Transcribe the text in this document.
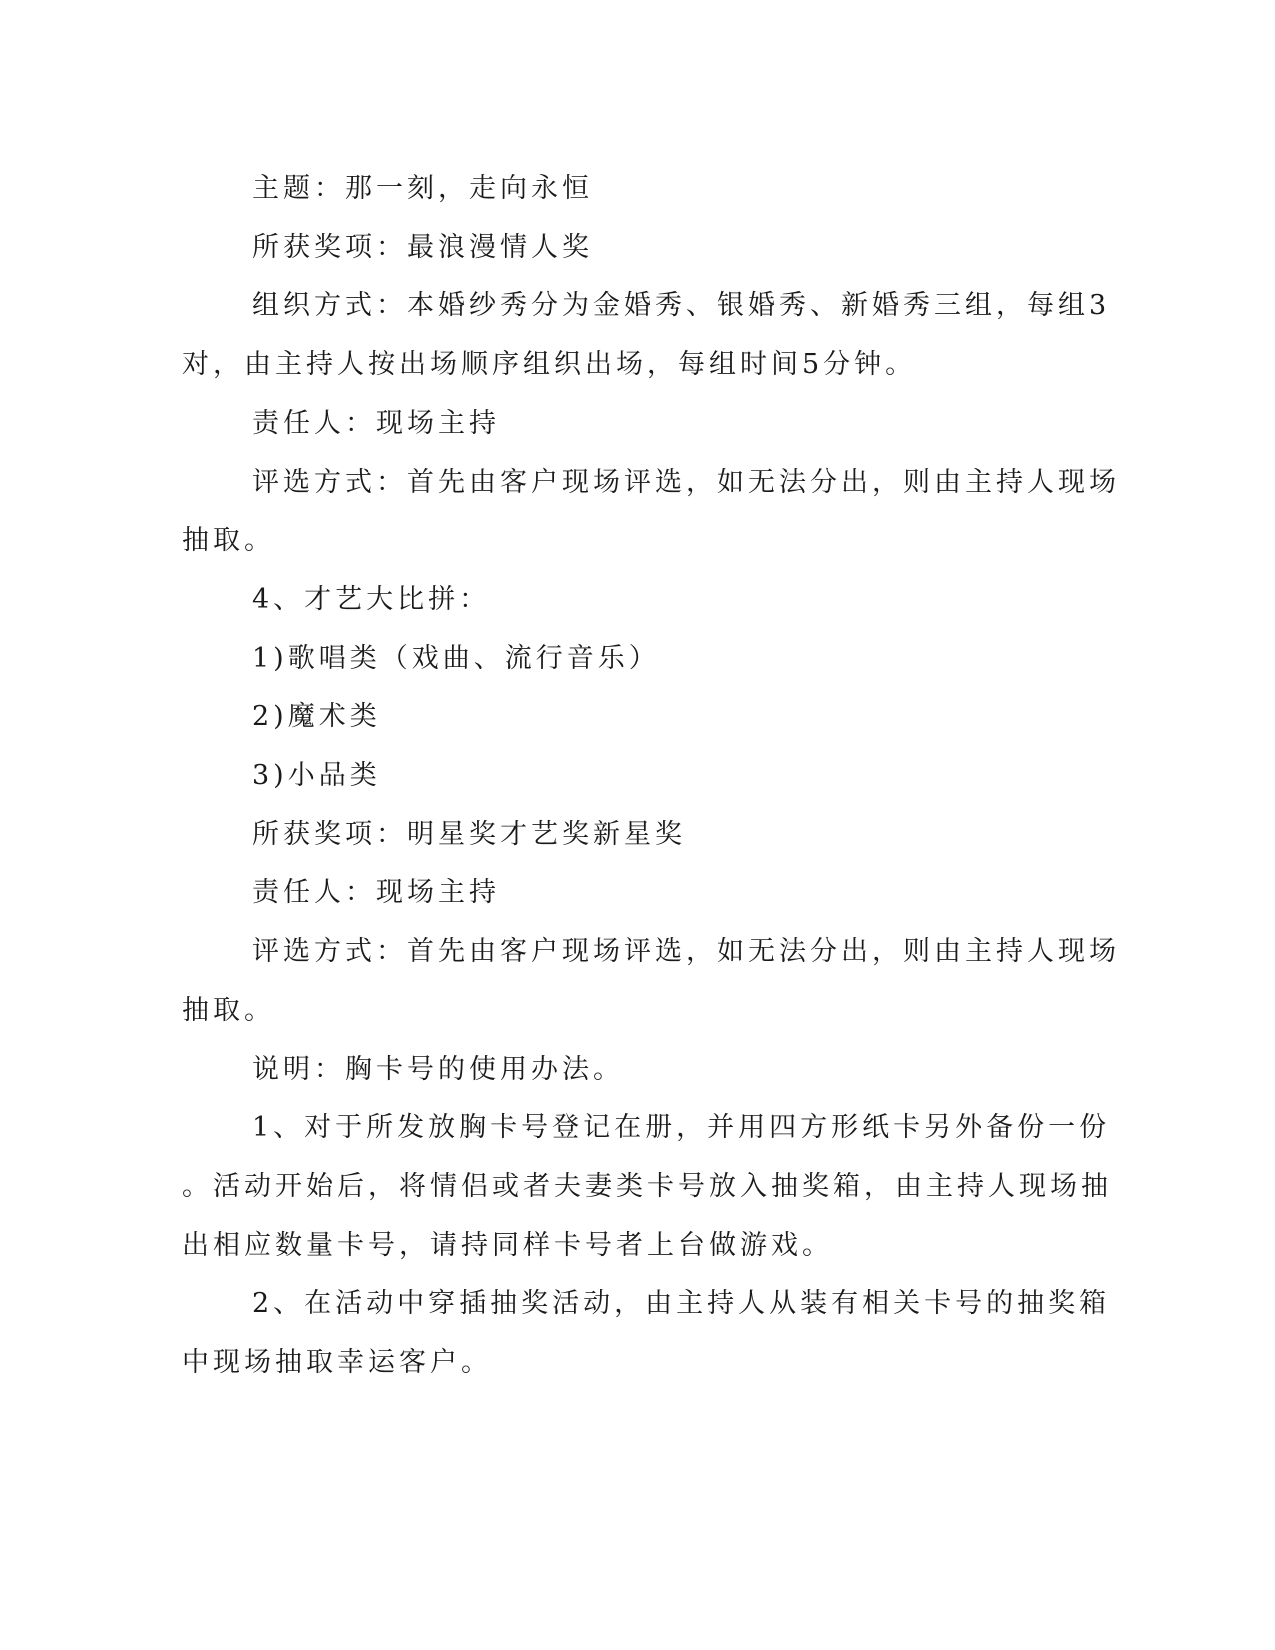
主题：那一刻，走向永恒

所获奖项：最浪漫情人奖

组织方式：本婚纱秀分为金婚秀、银婚秀、新婚秀三组，每组3
对，由主持人按出场顺序组织出场，每组时间5分钟。

责任人：现场主持

评选方式：首先由客户现场评选，如无法分出，则由主持人现场
抽取。

4、才艺大比拼：

1)歌唱类（戏曲、流行音乐）

2)魔术类

3)小品类

所获奖项：明星奖才艺奖新星奖

责任人：现场主持

评选方式：首先由客户现场评选，如无法分出，则由主持人现场
抽取。

说明：胸卡号的使用办法。

1、对于所发放胸卡号登记在册，并用四方形纸卡另外备份一份
。活动开始后，将情侣或者夫妻类卡号放入抽奖箱，由主持人现场抽
出相应数量卡号，请持同样卡号者上台做游戏。

2、在活动中穿插抽奖活动，由主持人从装有相关卡号的抽奖箱
中现场抽取幸运客户。
